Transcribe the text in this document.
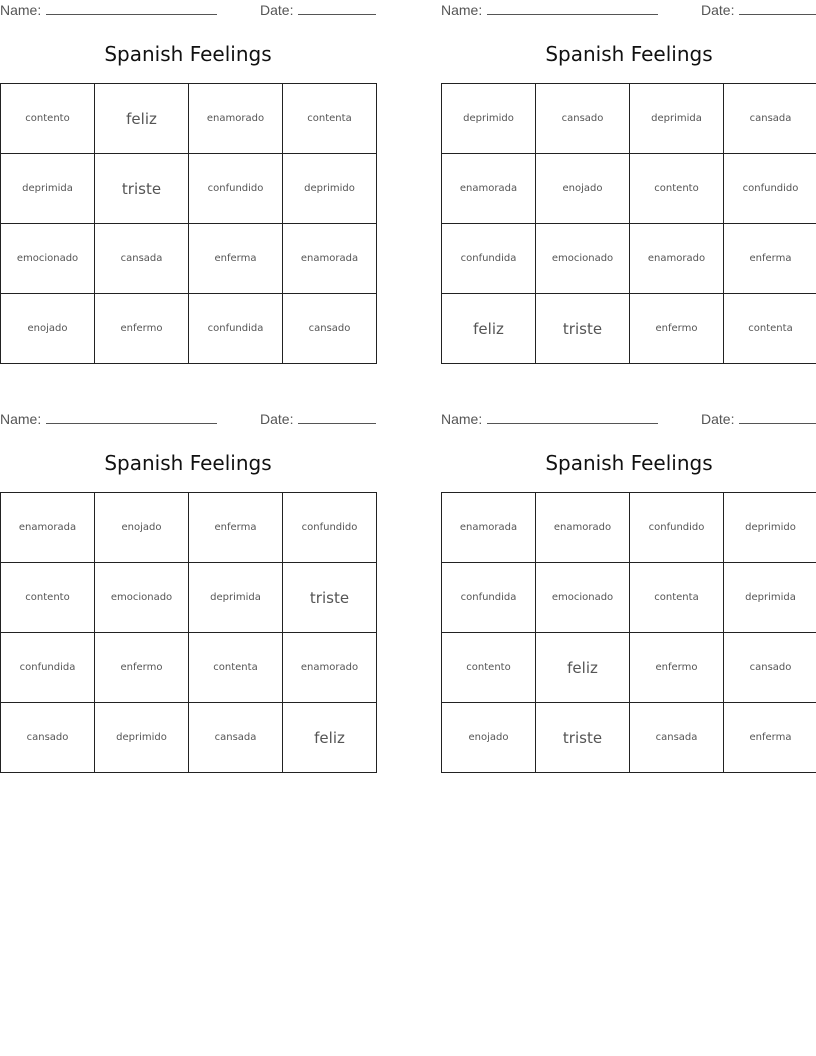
Name:	Date:
Spanish Feelings
contento	feliz	enamorado	contenta
deprimida	triste	confundido	deprimido
emocionado	cansada	enferma	enamorada
enojado	enfermo	confundida	cansado
Name:	Date:
Spanish Feelings
deprimido	cansado	deprimida	cansada
enamorada	enojado	contento	confundido
confundida	emocionado	enamorado	enferma
feliz	triste	enfermo	contenta
Name:	Date:
Spanish Feelings
enamorada	enojado	enferma	confundido
contento	emocionado	deprimida	triste
confundida	enfermo	contenta	enamorado
cansado	deprimido	cansada	feliz
Name:	Date:
Spanish Feelings
enamorada	enamorado	confundido	deprimido
confundida	emocionado	contenta	deprimida
contento	feliz	enfermo	cansado
enojado	triste	cansada	enferma
